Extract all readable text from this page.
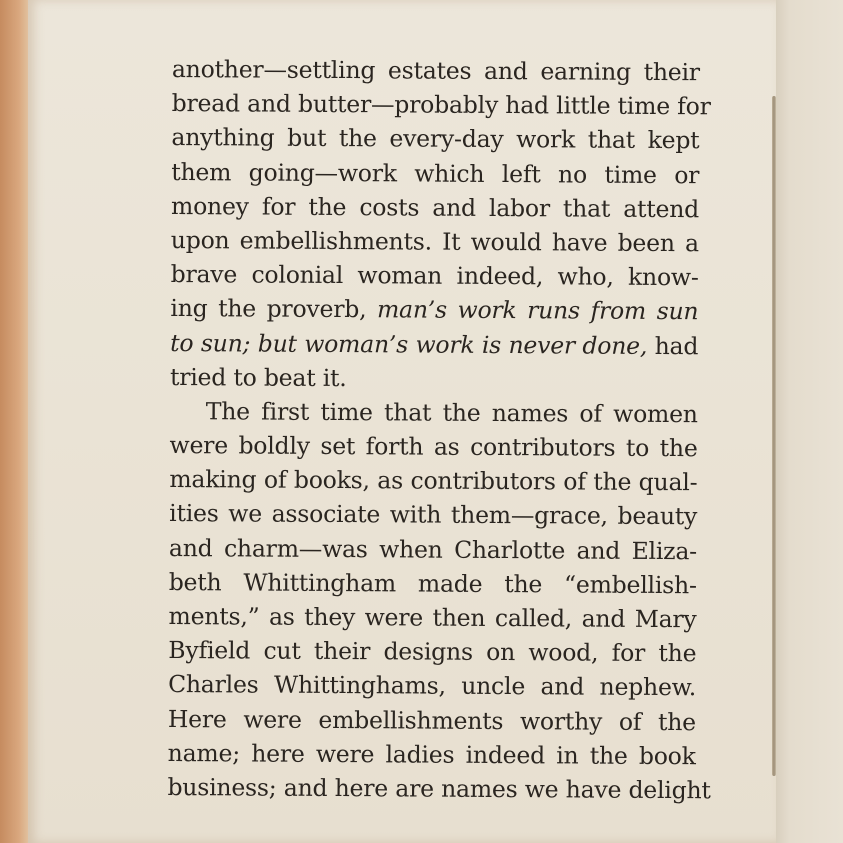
another—settling estates and earning their
bread and butter—probably had little time for
anything but the every-day work that kept
them going—work which left no time or
money for the costs and labor that attend
upon embellishments. It would have been a
brave colonial woman indeed, who, know-
ing the proverb, man’s work runs from sun
to sun; but woman’s work is never done, had
tried to beat it.
The first time that the names of women
were boldly set forth as contributors to the
making of books, as contributors of the qual-
ities we associate with them—grace, beauty
and charm—was when Charlotte and Eliza-
beth Whittingham made the “embellish-
ments,” as they were then called, and Mary
Byfield cut their designs on wood, for the
Charles Whittinghams, uncle and nephew.
Here were embellishments worthy of the
name; here were ladies indeed in the book
business; and here are names we have delight
